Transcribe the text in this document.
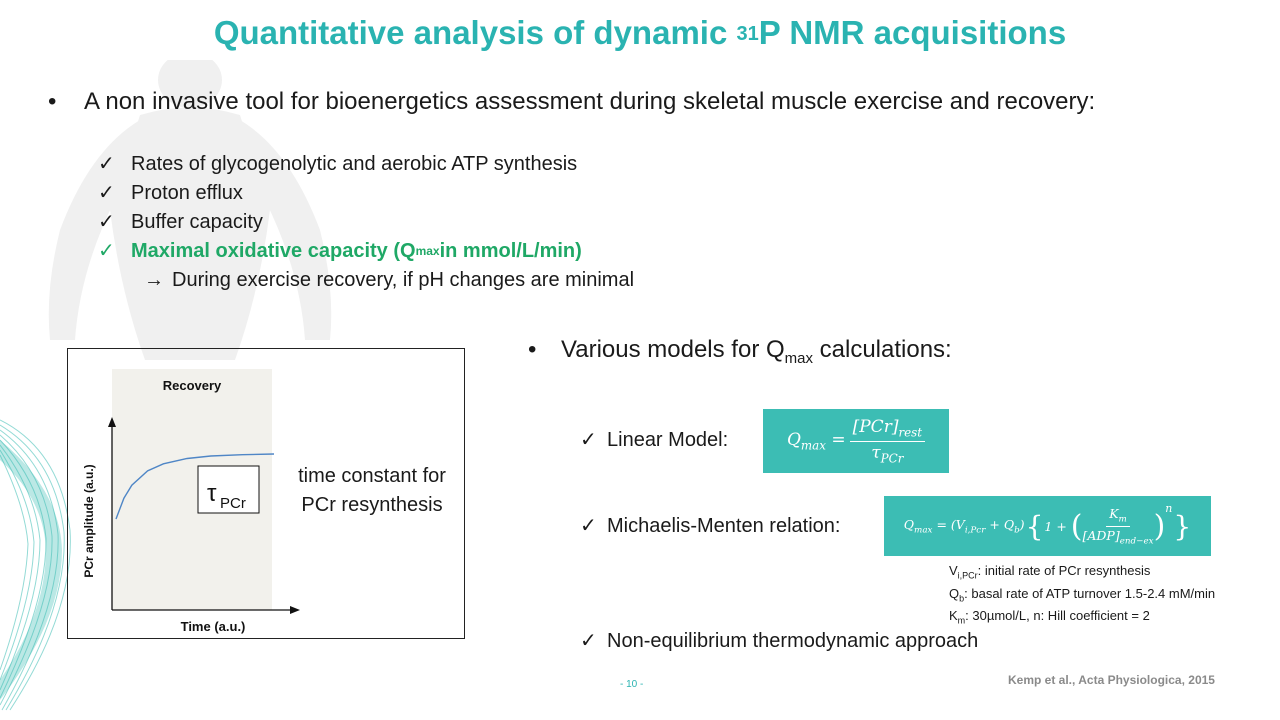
Quantitative analysis of dynamic $^{31}$P NMR acquisitions
• A non invasive tool for bioenergetics assessment during skeletal muscle exercise and recovery:
✓ Rates of glycogenolytic and aerobic ATP synthesis
✓ Proton efflux
✓ Buffer capacity
✓ Maximal oxidative capacity (Q max in mmol/L/min)
→ During exercise recovery, if pH changes are minimal
Recovery
Time (a.u.)
PCr amplitude (a.u.)	τ PCr
time constant for
PCr resynthesis
• Various models for $Q_{max}$ calculations:
✓ Linear Model:
✓ Michaelis-Menten relation:
✓ Non-equilibrium thermodynamic approach
$Q_{max} = \frac{[PCr]_{rest}}{\tau_{PCr}}$
$Q_{max} = (V_{i,Pcr} + Q_b)$ { 1 + ( $\frac{K_m}{[ADP]_{end-ex}}$ ) n
}
$V_{i,PCr}$: initial rate of PCr resynthesis
$Q_b$: basal rate of ATP turnover 1.5-2.4 mM/min
$K_m$: 30µmol/L, n: Hill coefficient = 2
- 10 -	Kemp et al., Acta Physiologica, 2015
